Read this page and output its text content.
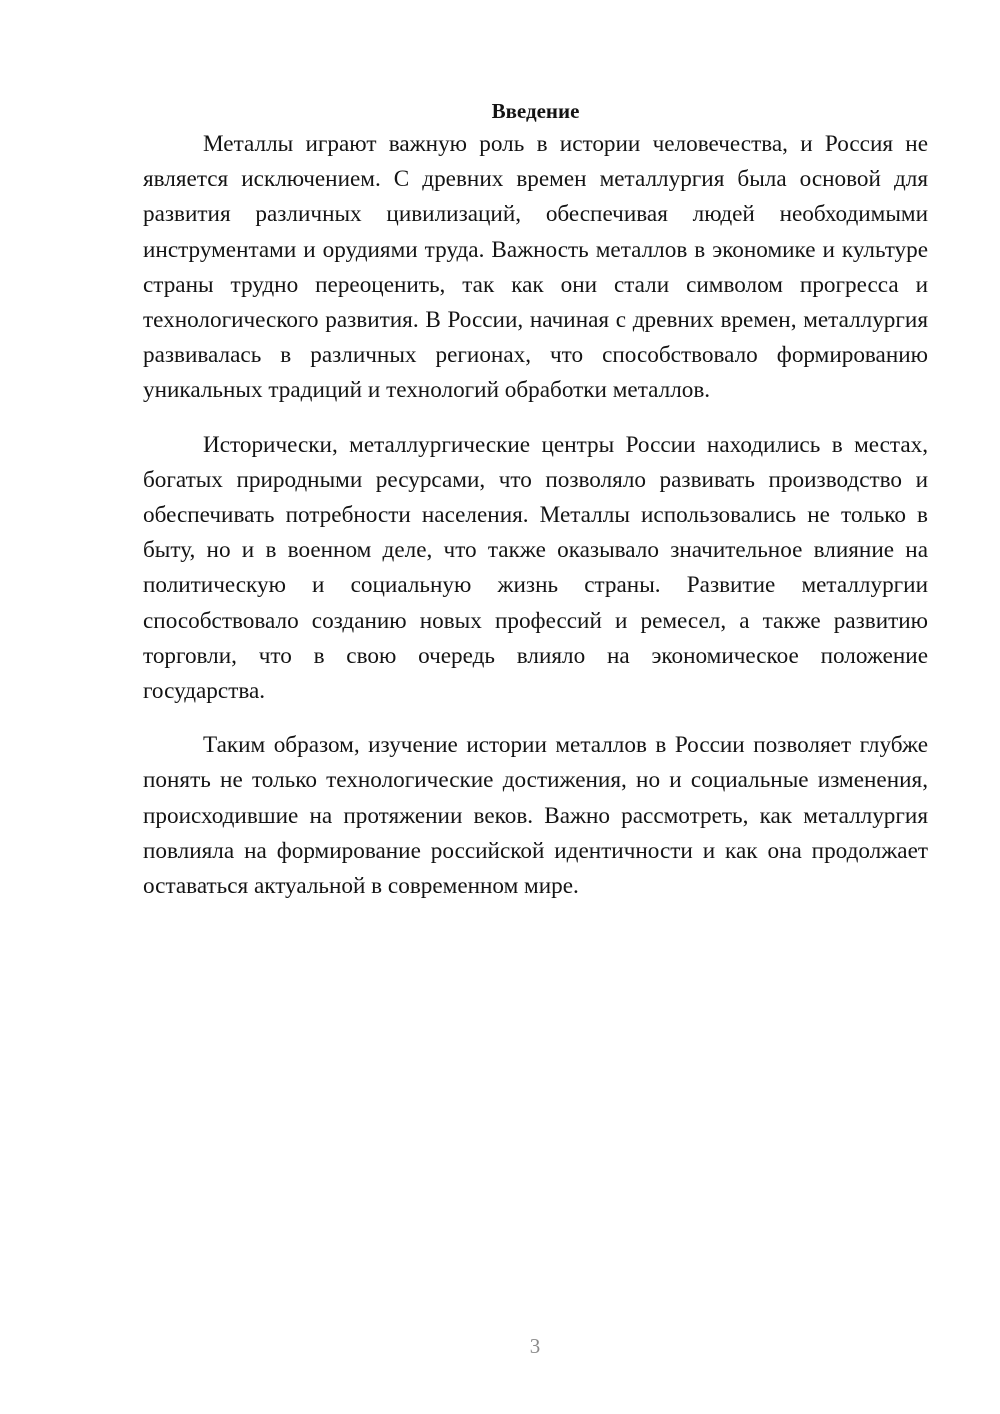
Введение

Металлы играют важную роль в истории человечества, и Россия не является исключением. С древних времен металлургия была основой для развития различных цивилизаций, обеспечивая людей необходимыми инструментами и орудиями труда. Важность металлов в экономике и культуре страны трудно переоценить, так как они стали символом прогресса и технологического развития. В России, начиная с древних времен, металлургия развивалась в различных регионах, что способствовало формированию уникальных традиций и технологий обработки металлов.

Исторически, металлургические центры России находились в местах, богатых природными ресурсами, что позволяло развивать производство и обеспечивать потребности населения. Металлы использовались не только в быту, но и в военном деле, что также оказывало значительное влияние на политическую и социальную жизнь страны. Развитие металлургии способствовало созданию новых профессий и ремесел, а также развитию торговли, что в свою очередь влияло на экономическое положение государства.

Таким образом, изучение истории металлов в России позволяет глубже понять не только технологические достижения, но и социальные изменения, происходившие на протяжении веков. Важно рассмотреть, как металлургия повлияла на формирование российской идентичности и как она продолжает оставаться актуальной в современном мире.

3
